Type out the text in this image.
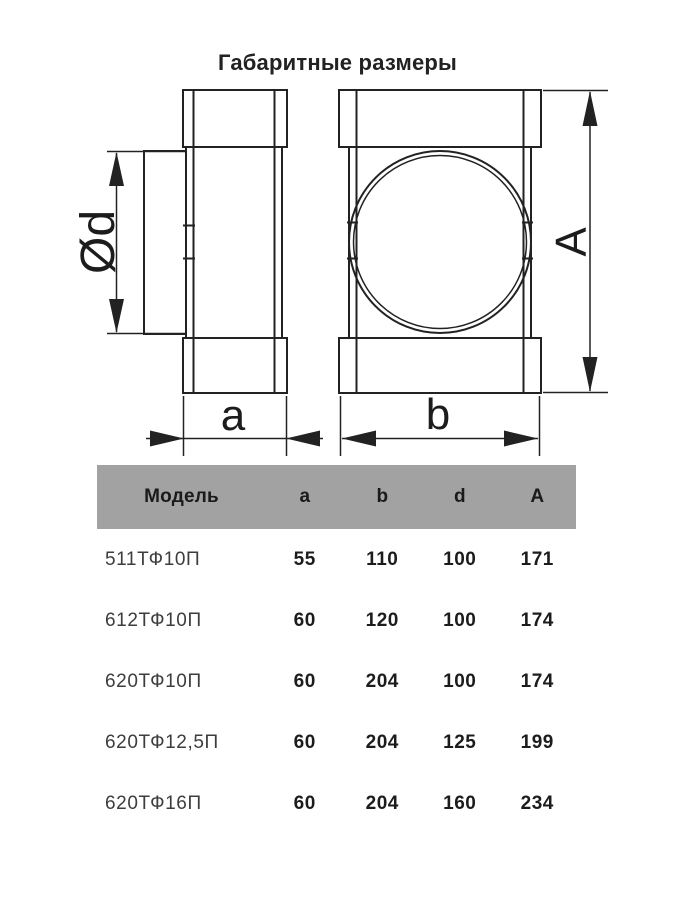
Габаритные размеры
Ød	A
a	b
Модель	a	b	d	A
511ТФ10П	55	110	100	171
612ТФ10П	60	120	100	174
620ТФ10П	60	204	100	174
620ТФ12,5П	60	204	125	199
620ТФ16П	60	204	160	234
